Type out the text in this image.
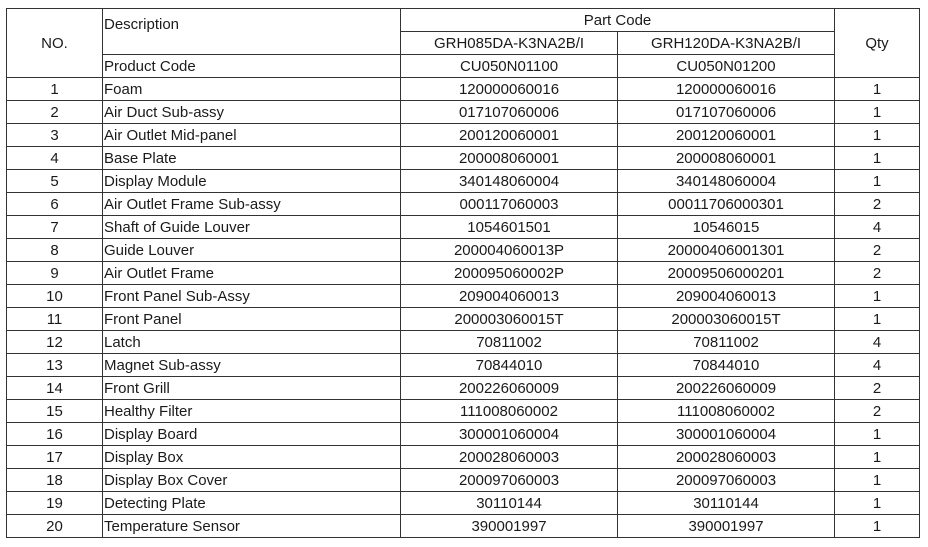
NO.	Description	Part Code		Qty
		GRH085DA-K3NA2B/I	GRH120DA-K3NA2B/I	
	Product Code	CU050N01100	CU050N01200	
1	Foam	120000060016	120000060016	1
2	Air Duct Sub-assy	017107060006	017107060006	1
3	Air Outlet Mid-panel	200120060001	200120060001	1
4	Base Plate	200008060001	200008060001	1
5	Display Module	340148060004	340148060004	1
6	Air Outlet Frame Sub-assy	000117060003	00011706000301	2
7	Shaft of Guide Louver	1054601501	10546015	4
8	Guide Louver	200004060013P	20000406001301	2
9	Air Outlet Frame	200095060002P	20009506000201	2
10	Front Panel Sub-Assy	209004060013	209004060013	1
11	Front Panel	200003060015T	200003060015T	1
12	Latch	70811002	70811002	4
13	Magnet Sub-assy	70844010	70844010	4
14	Front Grill	200226060009	200226060009	2
15	Healthy Filter	111008060002	111008060002	2
16	Display Board	300001060004	300001060004	1
17	Display Box	200028060003	200028060003	1
18	Display Box Cover	200097060003	200097060003	1
19	Detecting Plate	30110144	30110144	1
20	Temperature Sensor	390001997	390001997	1
